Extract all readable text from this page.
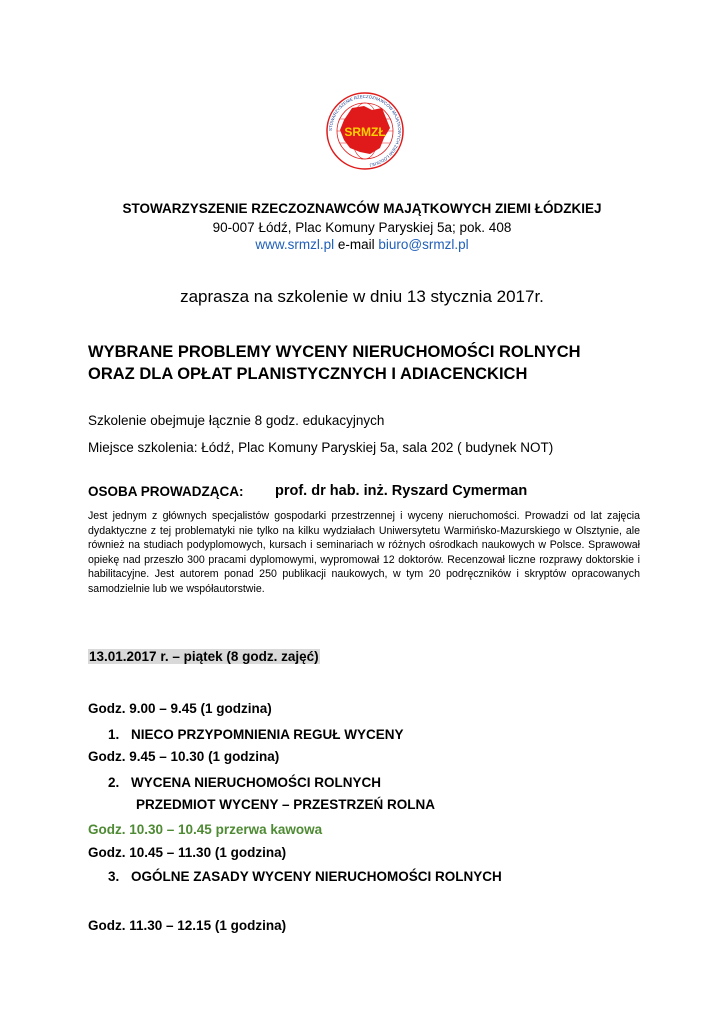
SRMZŁ
STOWARZYSZENIE RZECZOZNAWCÓW MAJĄTKOWYCH ZIEMI ŁÓDZKIEJ
STOWARZYSZENIE RZECZOZNAWCÓW MAJĄTKOWYCH ZIEMI ŁÓDZKIEJ
90-007 Łódź, Plac Komuny Paryskiej 5a; pok. 408
www.srmzl.pl e-mail biuro@srmzl.pl
zaprasza na szkolenie w dniu 13 stycznia 2017r.
WYBRANE PROBLEMY WYCENY NIERUCHOMOŚCI ROLNYCH
ORAZ DLA OPŁAT PLANISTYCZNYCH I ADIACENCKICH
Szkolenie obejmuje łącznie 8 godz. edukacyjnych
Miejsce szkolenia: Łódź, Plac Komuny Paryskiej 5a, sala 202 ( budynek NOT)
OSOBA PROWADZĄCA: prof. dr hab. inż. Ryszard Cymerman
Jest jednym z głównych specjalistów gospodarki przestrzennej i wyceny nieruchomości. Prowadzi od lat zajęcia dydaktyczne z tej problematyki nie tylko na kilku wydziałach Uniwersytetu Warmińsko-Mazurskiego w Olsztynie, ale również na studiach podyplomowych, kursach i seminariach w różnych ośrodkach naukowych w Polsce. Sprawował opiekę nad przeszło 300 pracami dyplomowymi, wypromował 12 doktorów. Recenzował liczne rozprawy doktorskie i habilitacyjne. Jest autorem ponad 250 publikacji naukowych, w tym 20 podręczników i skryptów opracowanych samodzielnie lub we współautorstwie.
13.01.2017 r. – piątek (8 godz. zajęć)
Godz. 9.00 – 9.45 (1 godzina)
1. NIECO PRZYPOMNIENIA REGUŁ WYCENY
Godz. 9.45 – 10.30 (1 godzina)
2. WYCENA NIERUCHOMOŚCI ROLNYCH
PRZEDMIOT WYCENY – PRZESTRZEŃ ROLNA
Godz. 10.30 – 10.45 przerwa kawowa
Godz. 10.45 – 11.30 (1 godzina)
3. OGÓLNE ZASADY WYCENY NIERUCHOMOŚCI ROLNYCH
Godz. 11.30 – 12.15 (1 godzina)
